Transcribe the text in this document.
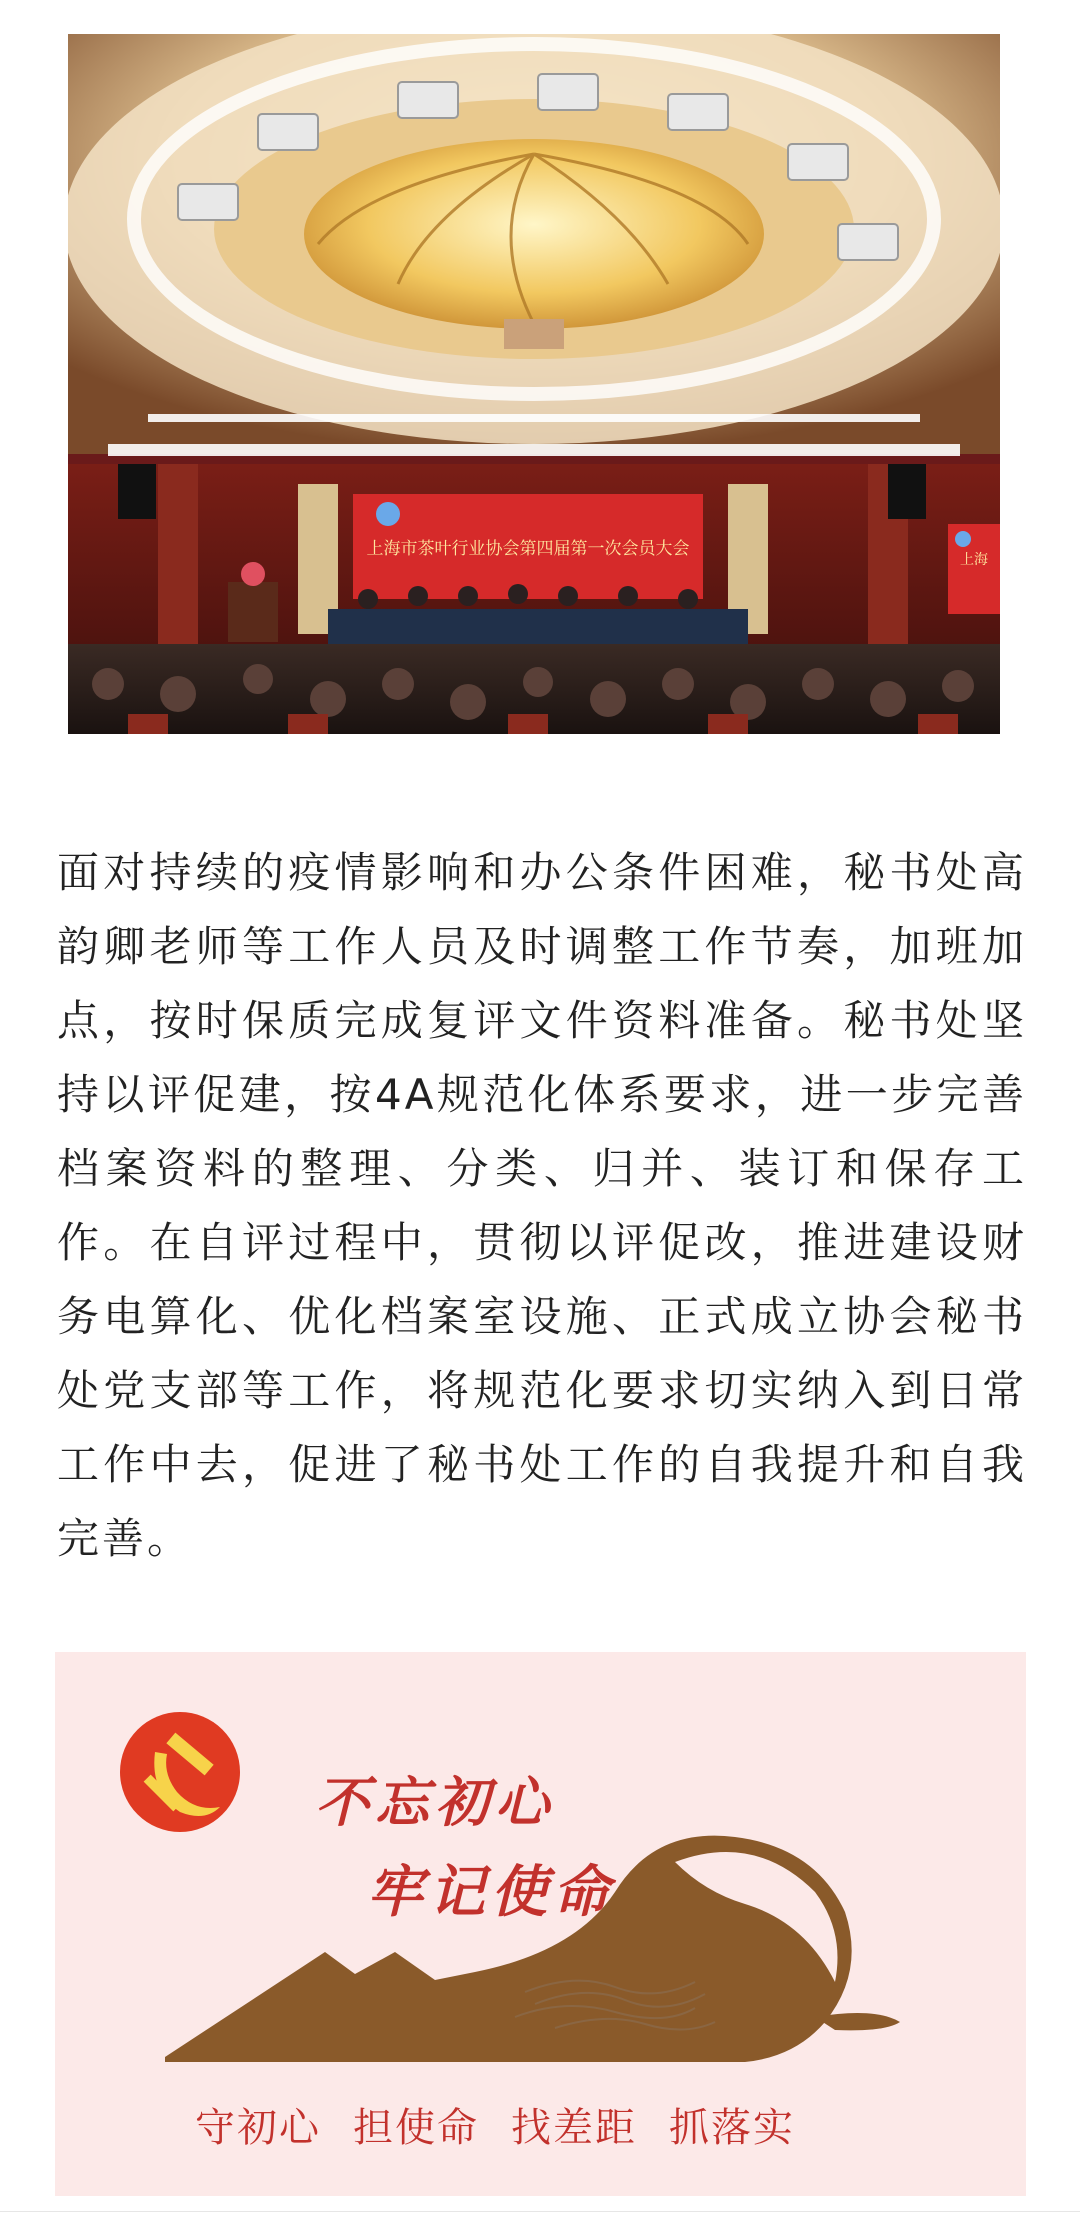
上海市茶叶行业协会第四届第一次会员大会
上海

面对持续的疫情影响和办公条件困难，秘书处高韵卿老师等工作人员及时调整工作节奏，加班加点，按时保质完成复评文件资料准备。秘书处坚持以评促建，按4A规范化体系要求，进一步完善档案资料的整理、分类、归并、装订和保存工作。在自评过程中，贯彻以评促改，推进建设财务电算化、优化档案室设施、正式成立协会秘书处党支部等工作，将规范化要求切实纳入到日常工作中去，促进了秘书处工作的自我提升和自我完善。

不忘初心
牢记使命
守初心 担使命 找差距 抓落实
